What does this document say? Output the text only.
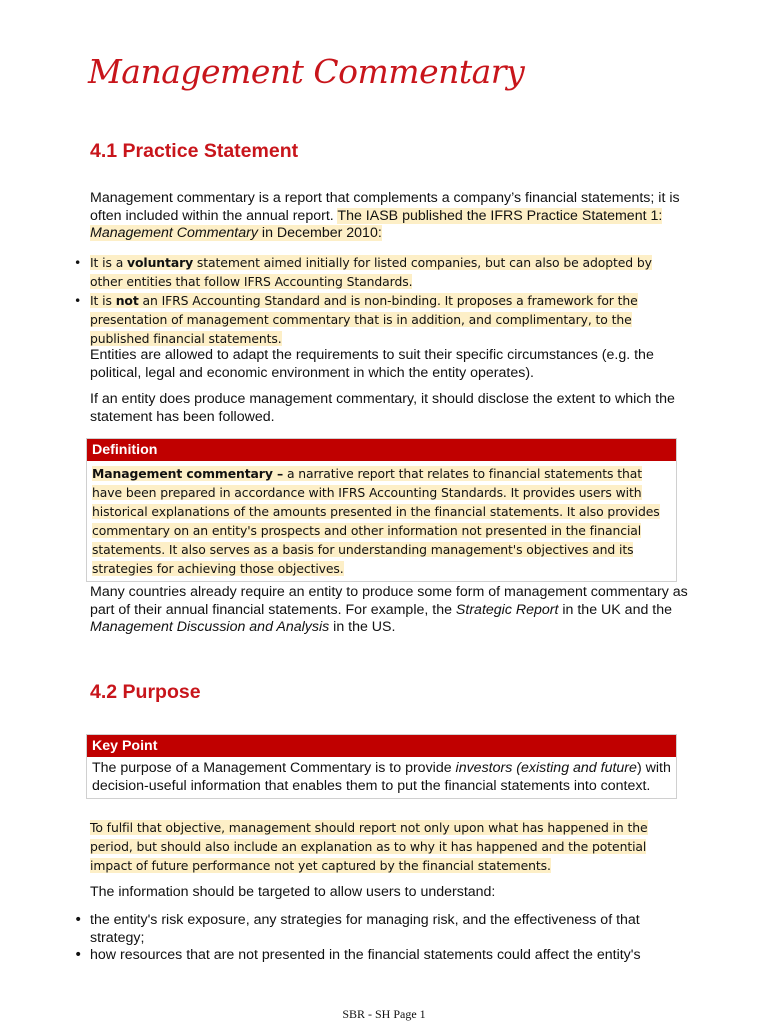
Management Commentary
4.1 Practice Statement

Management commentary is a report that complements a company’s financial statements; it is often included within the annual report. The IASB published the IFRS Practice Statement 1: Management Commentary in December 2010:

• It is a voluntary statement aimed initially for listed companies, but can also be adopted by other entities that follow IFRS Accounting Standards.
• It is not an IFRS Accounting Standard and is non-binding. It proposes a framework for the presentation of management commentary that is in addition, and complimentary, to the published financial statements.

Entities are allowed to adapt the requirements to suit their specific circumstances (e.g. the political, legal and economic environment in which the entity operates).

If an entity does produce management commentary, it should disclose the extent to which the statement has been followed.

Definition
Management commentary – a narrative report that relates to financial statements that have been prepared in accordance with IFRS Accounting Standards. It provides users with historical explanations of the amounts presented in the financial statements. It also provides commentary on an entity's prospects and other information not presented in the financial statements. It also serves as a basis for understanding management's objectives and its strategies for achieving those objectives.

Many countries already require an entity to produce some form of management commentary as part of their annual financial statements. For example, the Strategic Report in the UK and the Management Discussion and Analysis in the US.

4.2 Purpose
Key Point
The purpose of a Management Commentary is to provide investors (existing and future) with decision-useful information that enables them to put the financial statements into context.

To fulfil that objective, management should report not only upon what has happened in the period, but should also include an explanation as to why it has happened and the potential impact of future performance not yet captured by the financial statements.

The information should be targeted to allow users to understand:

• the entity's risk exposure, any strategies for managing risk, and the effectiveness of that strategy;
• how resources that are not presented in the financial statements could affect the entity's
SBR - SH Page 1
